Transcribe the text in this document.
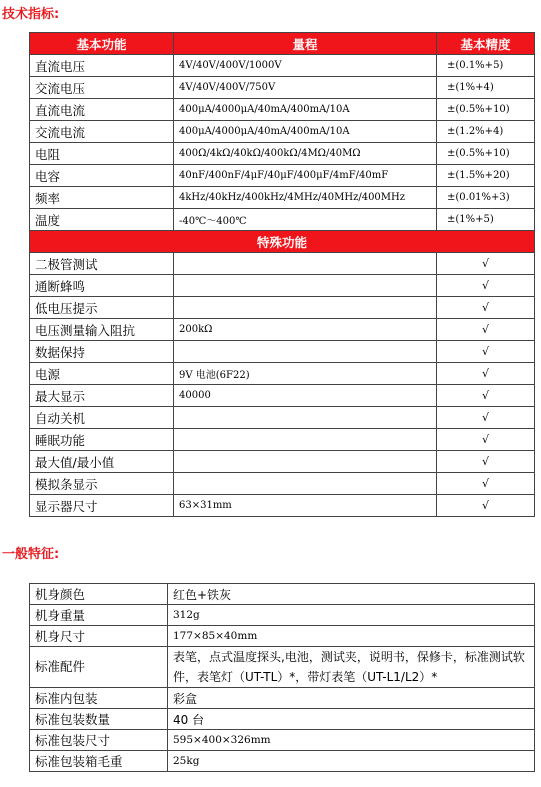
技术指标:
基本功能	量程	基本精度
直流电压	4V/40V/400V/1000V	±(0.1%+5)
交流电压	4V/40V/400V/750V	±(1%+4)
直流电流	400μA/4000μA/40mA/400mA/10A	±(0.5%+10)
交流电流	400μA/4000μA/40mA/400mA/10A	±(1.2%+4)
电阻	400Ω/4kΩ/40kΩ/400kΩ/4MΩ/40MΩ	±(0.5%+10)
电容	40nF/400nF/4μF/40μF/400μF/4mF/40mF	±(1.5%+20)
频率	4kHz/40kHz/400kHz/4MHz/40MHz/400MHz	±(0.01%+3)
温度	-40℃～400℃	±(1%+5)
特殊功能		
二极管测试		√
通断蜂鸣		√
低电压提示		√
电压测量输入阻抗	200kΩ	√
数据保持		√
电源	9V 电池(6F22)	√
最大显示	40000	√
自动关机		√
睡眠功能		√
最大值/最小值		√
模拟条显示		√
显示器尺寸	63×31mm	√
一般特征:
机身颜色	红色+铁灰
机身重量	312g
机身尺寸	177×85×40mm
标准配件	表笔，点式温度探头,电池，测试夹，说明书，保修卡，标准测试软件，表笔灯（UT-TL）*，带灯表笔（UT-L1/L2）*
标准内包装	彩盒
标准包装数量	40 台
标准包装尺寸	595×400×326mm
标准包装箱毛重	25kg
